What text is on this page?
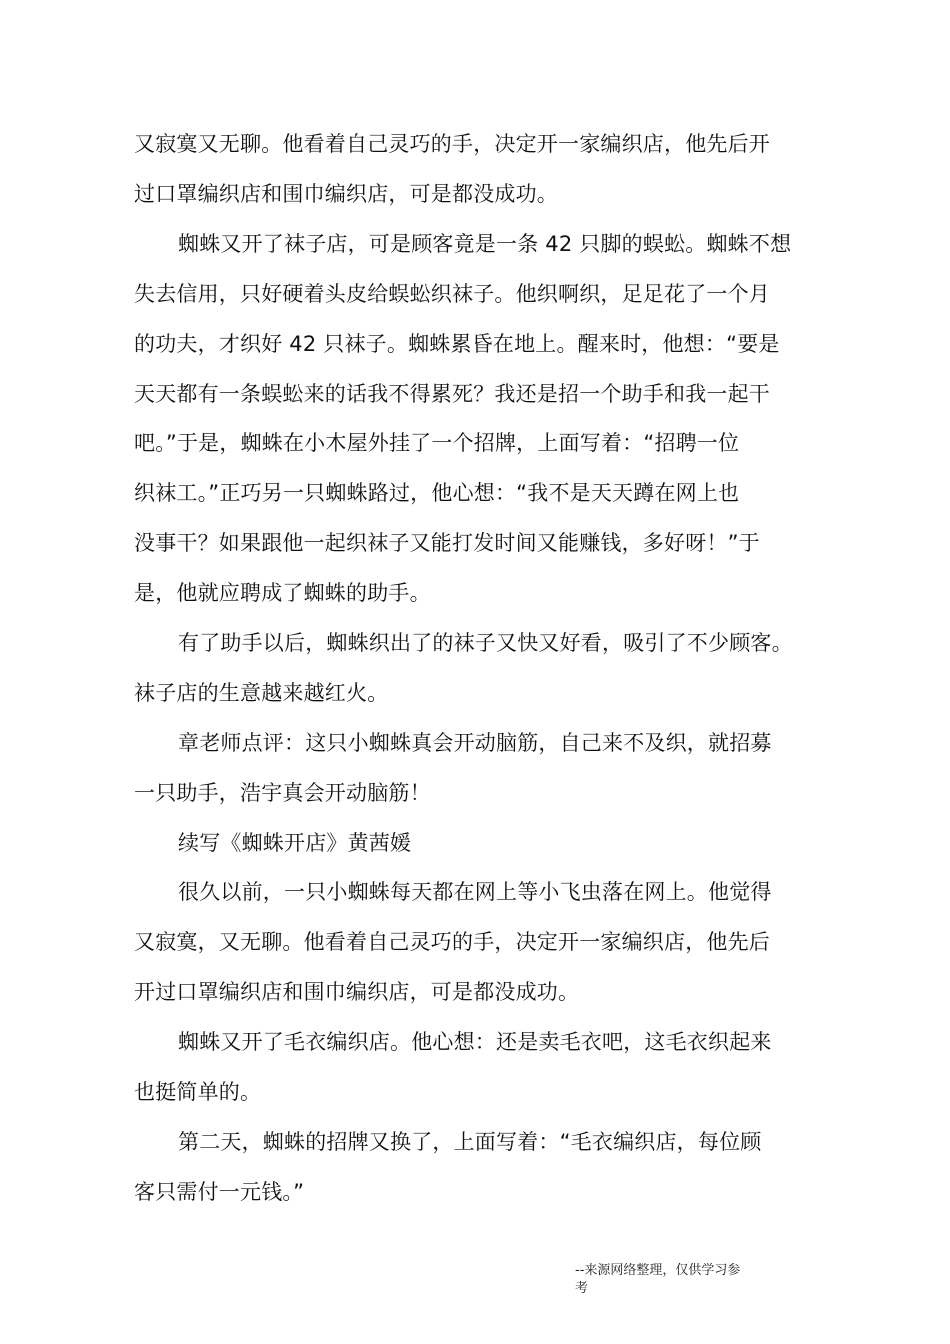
又寂寞又无聊。他看着自己灵巧的手，决定开一家编织店，他先后开
过口罩编织店和围巾编织店，可是都没成功。
蜘蛛又开了袜子店，可是顾客竟是一条 42 只脚的蜈蚣。蜘蛛不想
失去信用，只好硬着头皮给蜈蚣织袜子。他织啊织，足足花了一个月
的功夫，才织好 42 只袜子。蜘蛛累昏在地上。醒来时，他想：“要是
天天都有一条蜈蚣来的话我不得累死？我还是招一个助手和我一起干
吧。”于是，蜘蛛在小木屋外挂了一个招牌，上面写着：“招聘一位
织袜工。”正巧另一只蜘蛛路过，他心想：“我不是天天蹲在网上也
没事干？如果跟他一起织袜子又能打发时间又能赚钱，多好呀！”于
是，他就应聘成了蜘蛛的助手。
有了助手以后，蜘蛛织出了的袜子又快又好看，吸引了不少顾客。
袜子店的生意越来越红火。
章老师点评：这只小蜘蛛真会开动脑筋，自己来不及织，就招募
一只助手，浩宇真会开动脑筋！
续写《蜘蛛开店》黄茜媛
很久以前，一只小蜘蛛每天都在网上等小飞虫落在网上。他觉得
又寂寞，又无聊。他看着自己灵巧的手，决定开一家编织店，他先后
开过口罩编织店和围巾编织店，可是都没成功。
蜘蛛又开了毛衣编织店。他心想：还是卖毛衣吧，这毛衣织起来
也挺简单的。
第二天，蜘蛛的招牌又换了，上面写着：“毛衣编织店，每位顾
客只需付一元钱。”
--来源网络整理，仅供学习参
考
